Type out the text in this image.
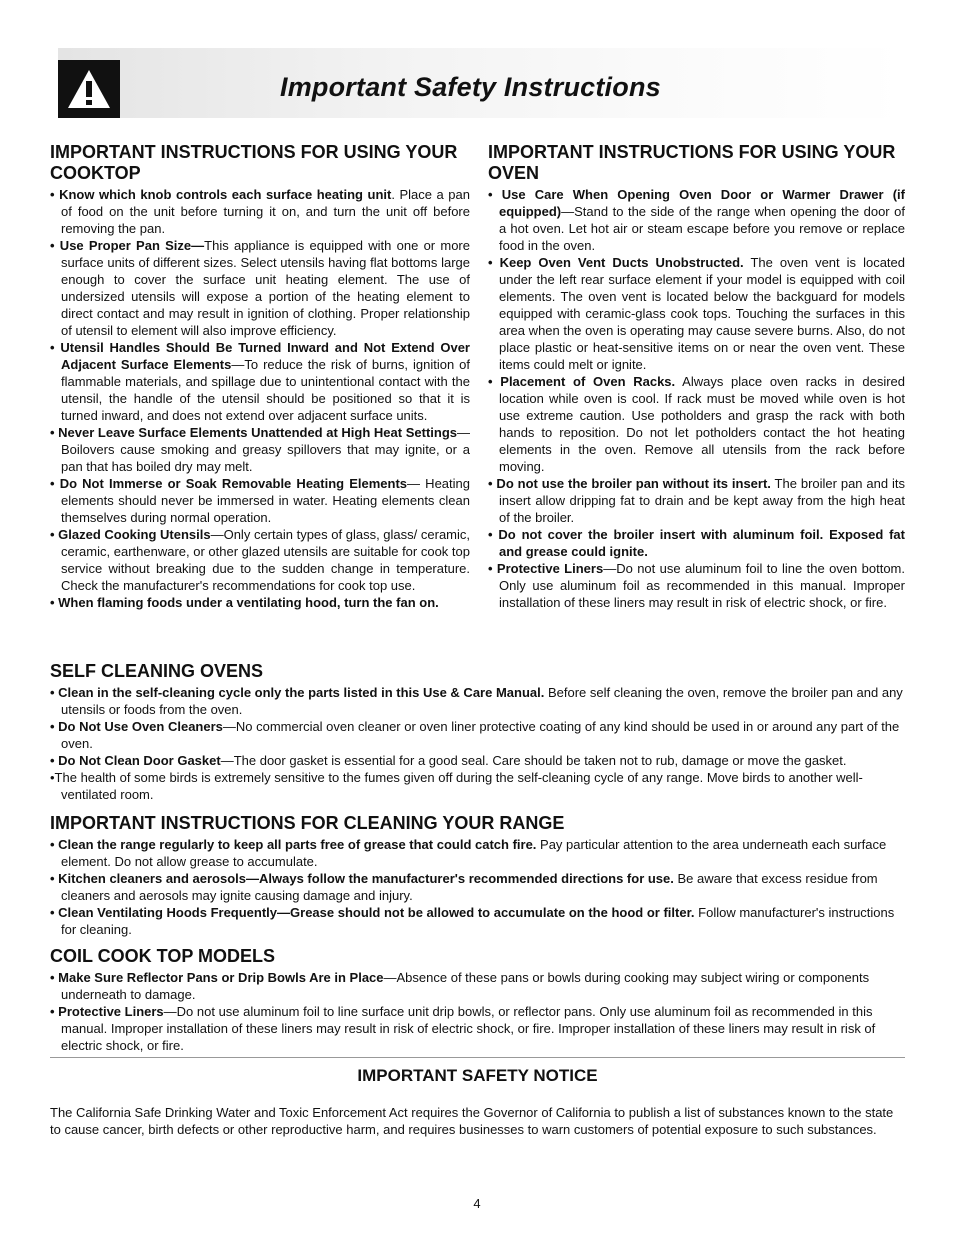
Important Safety Instructions
IMPORTANT INSTRUCTIONS FOR USING YOUR COOKTOP
• Know which knob controls each surface heating unit. Place a pan of food on the unit before turning it on, and turn the unit off before removing the pan.
• Use Proper Pan Size—This appliance is equipped with one or more surface units of different sizes. Select utensils having flat bottoms large enough to cover the surface unit heating element. The use of undersized utensils will expose a portion of the heating element to direct contact and may result in ignition of clothing. Proper relationship of utensil to element will also improve efficiency.
• Utensil Handles Should Be Turned Inward and Not Extend Over Adjacent Surface Elements—To reduce the risk of burns, ignition of flammable materials, and spillage due to unintentional contact with the utensil, the handle of the utensil should be positioned so that it is turned inward, and does not extend over adjacent surface units.
• Never Leave Surface Elements Unattended at High Heat Settings—Boilovers cause smoking and greasy spillovers that may ignite, or a pan that has boiled dry may melt.
• Do Not Immerse or Soak Removable Heating Elements— Heating elements should never be immersed in water. Heating elements clean themselves during normal operation.
• Glazed Cooking Utensils—Only certain types of glass, glass/ ceramic, ceramic, earthenware, or other glazed utensils are suitable for cook top service without breaking due to the sudden change in temperature. Check the manufacturer's recommendations for cook top use.
• When flaming foods under a ventilating hood, turn the fan on.
IMPORTANT INSTRUCTIONS FOR USING YOUR OVEN
• Use Care When Opening Oven Door or Warmer Drawer (if equipped)—Stand to the side of the range when opening the door of a hot oven. Let hot air or steam escape before you remove or replace food in the oven.
• Keep Oven Vent Ducts Unobstructed. The oven vent is located under the left rear surface element if your model is equipped with coil elements. The oven vent is located below the backguard for models equipped with ceramic-glass cook tops. Touching the surfaces in this area when the oven is operating may cause severe burns. Also, do not place plastic or heat-sensitive items on or near the oven vent. These items could melt or ignite.
• Placement of Oven Racks. Always place oven racks in desired location while oven is cool. If rack must be moved while oven is hot use extreme caution. Use potholders and grasp the rack with both hands to reposition. Do not let potholders contact the hot heating elements in the oven. Remove all utensils from the rack before moving.
• Do not use the broiler pan without its insert. The broiler pan and its insert allow dripping fat to drain and be kept away from the high heat of the broiler.
• Do not cover the broiler insert with aluminum foil. Exposed fat and grease could ignite.
• Protective Liners—Do not use aluminum foil to line the oven bottom. Only use aluminum foil as recommended in this manual. Improper installation of these liners may result in risk of electric shock, or fire.
SELF CLEANING OVENS
• Clean in the self-cleaning cycle only the parts listed in this Use & Care Manual. Before self cleaning the oven, remove the broiler pan and any utensils or foods from the oven.
• Do Not Use Oven Cleaners—No commercial oven cleaner or oven liner protective coating of any kind should be used in or around any part of the oven.
• Do Not Clean Door Gasket—The door gasket is essential for a good seal. Care should be taken not to rub, damage or move the gasket.
•The health of some birds is extremely sensitive to the fumes given off during the self-cleaning cycle of any range. Move birds to another well-ventilated room.
IMPORTANT INSTRUCTIONS FOR CLEANING YOUR RANGE
• Clean the range regularly to keep all parts free of grease that could catch fire. Pay particular attention to the area underneath each surface element. Do not allow grease to accumulate.
• Kitchen cleaners and aerosols—Always follow the manufacturer's recommended directions for use. Be aware that excess residue from cleaners and aerosols may ignite causing damage and injury.
• Clean Ventilating Hoods Frequently—Grease should not be allowed to accumulate on the hood or filter. Follow manufacturer's instructions for cleaning.
COIL COOK TOP MODELS
• Make Sure Reflector Pans or Drip Bowls Are in Place—Absence of these pans or bowls during cooking may subject wiring or components underneath to damage.
• Protective Liners—Do not use aluminum foil to line surface unit drip bowls, or reflector pans. Only use aluminum foil as recommended in this manual. Improper installation of these liners may result in risk of electric shock, or fire. Improper installation of these liners may result in risk of electric shock, or fire.
IMPORTANT SAFETY NOTICE
The California Safe Drinking Water and Toxic Enforcement Act requires the Governor of California to publish a list of substances known to the state to cause cancer, birth defects or other reproductive harm, and requires businesses to warn customers of potential exposure to such substances.
4
